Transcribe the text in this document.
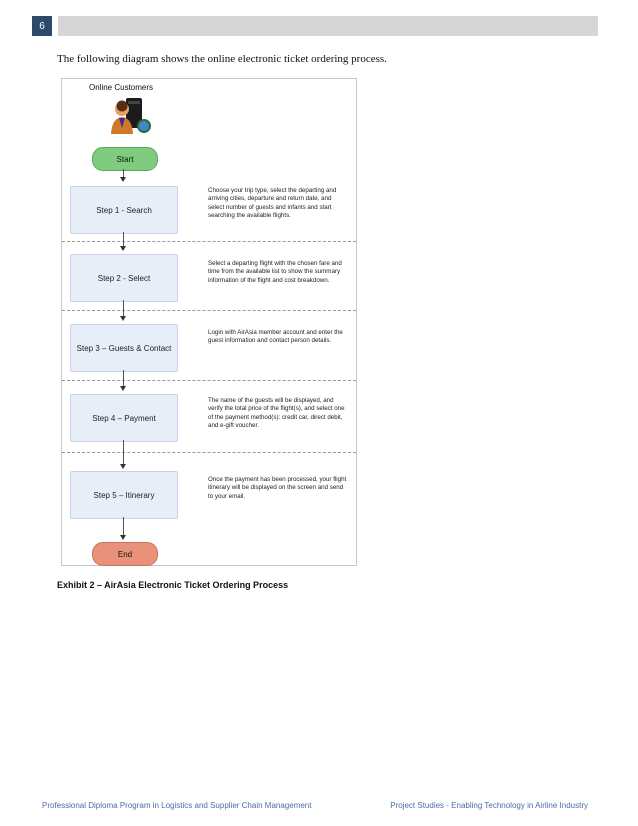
6
The following diagram shows the online electronic ticket ordering process.
Online Customers
Start
Step 1 - Search
Choose your trip type, select the departing and arriving cities, departure and return date, and select number of guests and infants and start searching the available flights.
Step 2 - Select
Select a departing flight with the chosen fare and time from the available list to show the summary information of the flight and cost breakdown.
Step 3 – Guests & Contact
Login with AirAsia member account and enter the guest information and contact person details.
Step 4 – Payment
The name of the guests will be displayed, and verify the total price of the flight(s), and select one of the payment method(s): credit car, direct debit, and e-gift voucher.
Step 5 – Itinerary
Once the payment has been processed, your flight itinerary will be displayed on the screen and send to your email.
End
Exhibit 2 – AirAsia Electronic Ticket Ordering Process
Professional Diploma Program in Logistics and Supplier Chain Management	Project Studies - Enabling Technology in Airline Industry
